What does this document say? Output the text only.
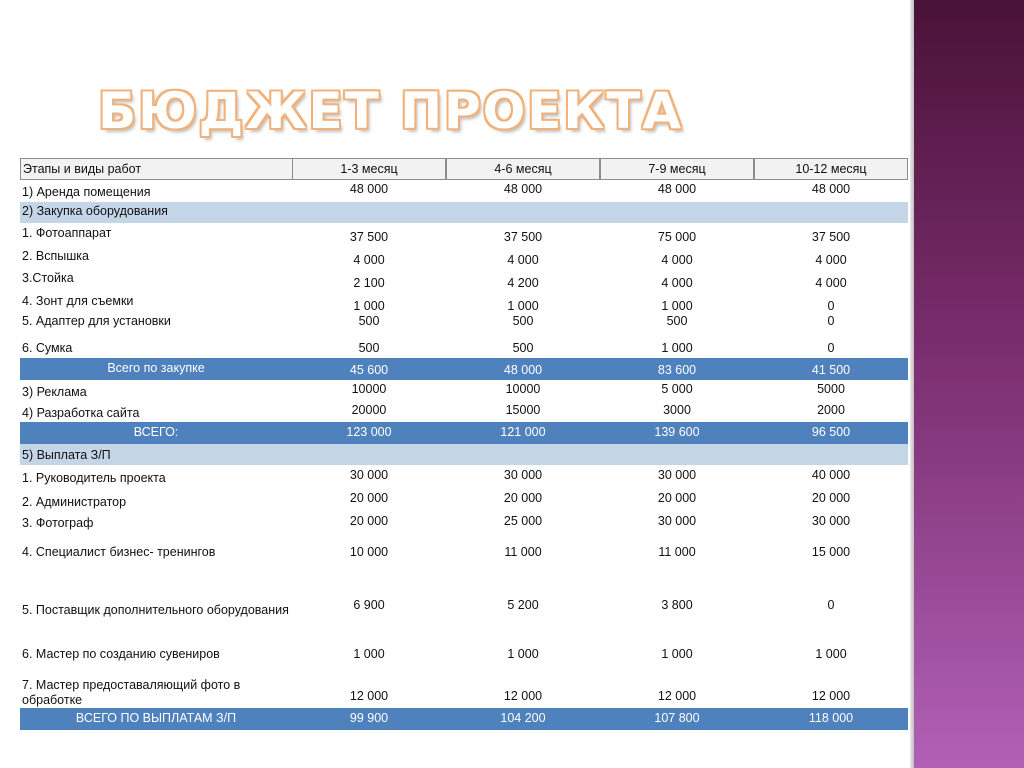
БЮДЖЕТ ПРОЕКТА
Этапы и виды работ	1-3 месяц	4-6 месяц	7-9 месяц	10-12 месяц
1) Аренда помещения	48 000	48 000	48 000	48 000
2) Закупка оборудования
1. Фотоаппарат	37 500	37 500	75 000	37 500
2. Вспышка	4 000	4 000	4 000	4 000
3.Стойка	2 100	4 200	4 000	4 000
4. Зонт для съемки	1 000	1 000	1 000	0
5. Адаптер для установки	500	500	500	0
6. Сумка	500	500	1 000	0
Всего по закупке	45 600	48 000	83 600	41 500
3) Реклама	10000	10000	5 000	5000
4) Разработка сайта	20000	15000	3000	2000
ВСЕГО:	123 000	121 000	139 600	96 500
5) Выплата З/П
1. Руководитель проекта	30 000	30 000	30 000	40 000
2. Администратор	20 000	20 000	20 000	20 000
3. Фотограф	20 000	25 000	30 000	30 000
4. Специалист бизнес- тренингов	10 000	11 000	11 000	15 000
5. Поставщик дополнительного оборудования	6 900	5 200	3 800	0
6. Мастер по созданию сувениров	1 000	1 000	1 000	1 000
7. Мастер предоставаляющий фото в обработке	12 000	12 000	12 000	12 000
ВСЕГО ПО ВЫПЛАТАМ З/П	99 900	104 200	107 800	118 000
